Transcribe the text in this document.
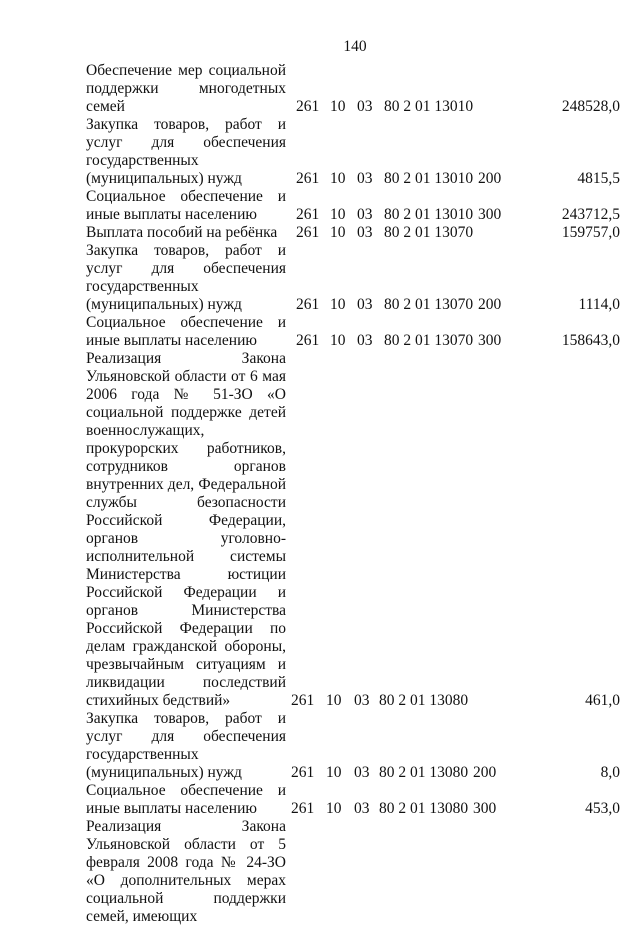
140
Обеспечение мер социальной поддержки многодетных семей	261 10 03 80 2 01 13010	248528,0
Закупка товаров, работ и услуг для обеспечения государственных (муниципальных) нужд	261 10 03 80 2 01 13010 200	4815,5
Социальное обеспечение и иные выплаты населению	261 10 03 80 2 01 13010 300	243712,5
Выплата пособий на ребёнка	261 10 03 80 2 01 13070	159757,0
Закупка товаров, работ и услуг для обеспечения государственных (муниципальных) нужд	261 10 03 80 2 01 13070 200	1114,0
Социальное обеспечение и иные выплаты населению	261 10 03 80 2 01 13070 300	158643,0
Реализация Закона Ульяновской области от 6 мая 2006 года № 51-ЗО «О социальной поддержке детей военнослужащих, прокурорских работников, сотрудников органов внутренних дел, Федеральной службы безопасности Российской Федерации, органов уголовно-исполнительной системы Министерства юстиции Российской Федерации и органов Министерства Российской Федерации по делам гражданской обороны, чрезвычайным ситуациям и ликвидации последствий стихийных бедствий»	261 10 03 80 2 01 13080	461,0
Закупка товаров, работ и услуг для обеспечения государственных (муниципальных) нужд	261 10 03 80 2 01 13080 200	8,0
Социальное обеспечение и иные выплаты населению	261 10 03 80 2 01 13080 300	453,0
Реализация Закона Ульяновской области от 5 февраля 2008 года № 24-ЗО «О дополнительных мерах социальной поддержки семей, имеющих
